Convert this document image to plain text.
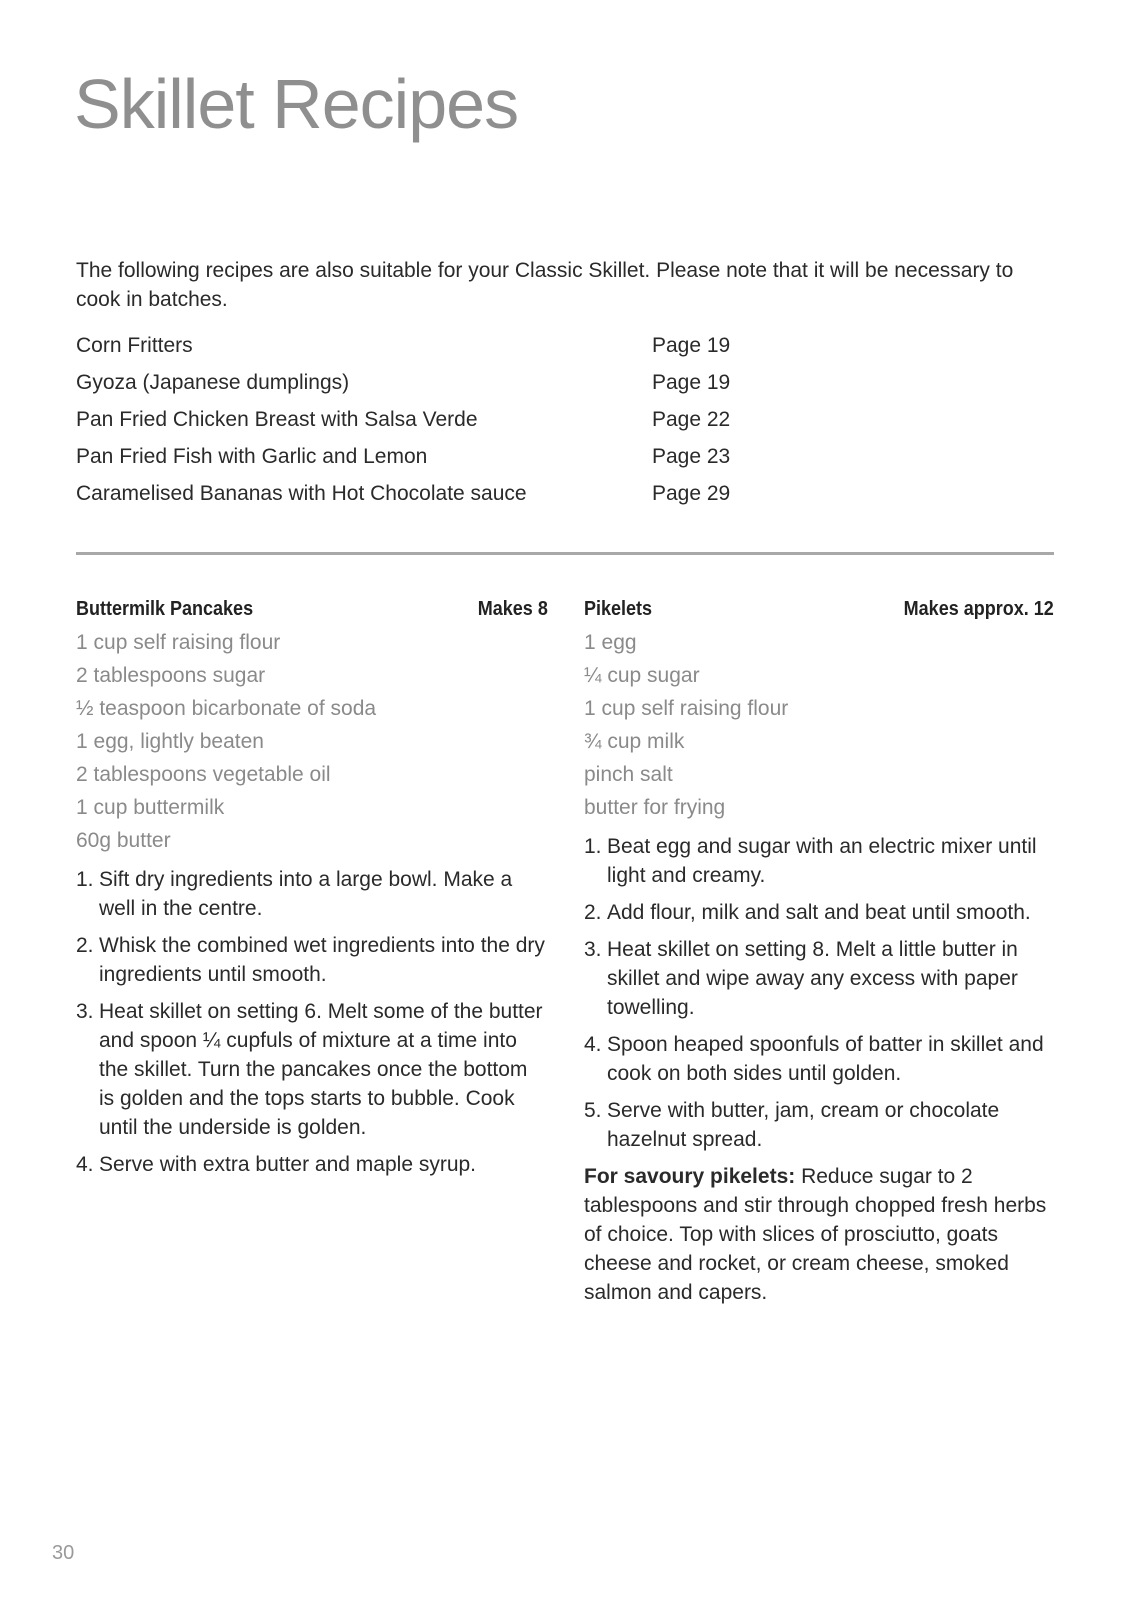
Skillet Recipes
The following recipes are also suitable for your Classic Skillet. Please note that it will be necessary to cook in batches.
Corn Fritters	Page 19
Gyoza (Japanese dumplings)	Page 19
Pan Fried Chicken Breast with Salsa Verde	Page 22
Pan Fried Fish with Garlic and Lemon	Page 23
Caramelised Bananas with Hot Chocolate sauce	Page 29
Buttermilk Pancakes	Makes 8
1 cup self raising flour
2 tablespoons sugar
½ teaspoon bicarbonate of soda
1 egg, lightly beaten
2 tablespoons vegetable oil
1 cup buttermilk
60g butter
1. Sift dry ingredients into a large bowl. Make a well in the centre.
2. Whisk the combined wet ingredients into the dry ingredients until smooth.
3. Heat skillet on setting 6. Melt some of the butter and spoon ¼ cupfuls of mixture at a time into the skillet. Turn the pancakes once the bottom is golden and the tops starts to bubble. Cook until the underside is golden.
4. Serve with extra butter and maple syrup.
Pikelets	Makes approx. 12
1 egg
¼ cup sugar
1 cup self raising flour
¾ cup milk
pinch salt
butter for frying
1. Beat egg and sugar with an electric mixer until light and creamy.
2. Add flour, milk and salt and beat until smooth.
3. Heat skillet on setting 8. Melt a little butter in skillet and wipe away any excess with paper towelling.
4. Spoon heaped spoonfuls of batter in skillet and cook on both sides until golden.
5. Serve with butter, jam, cream or chocolate hazelnut spread.
For savoury pikelets: Reduce sugar to 2 tablespoons and stir through chopped fresh herbs of choice. Top with slices of prosciutto, goats cheese and rocket, or cream cheese, smoked salmon and capers.
30
